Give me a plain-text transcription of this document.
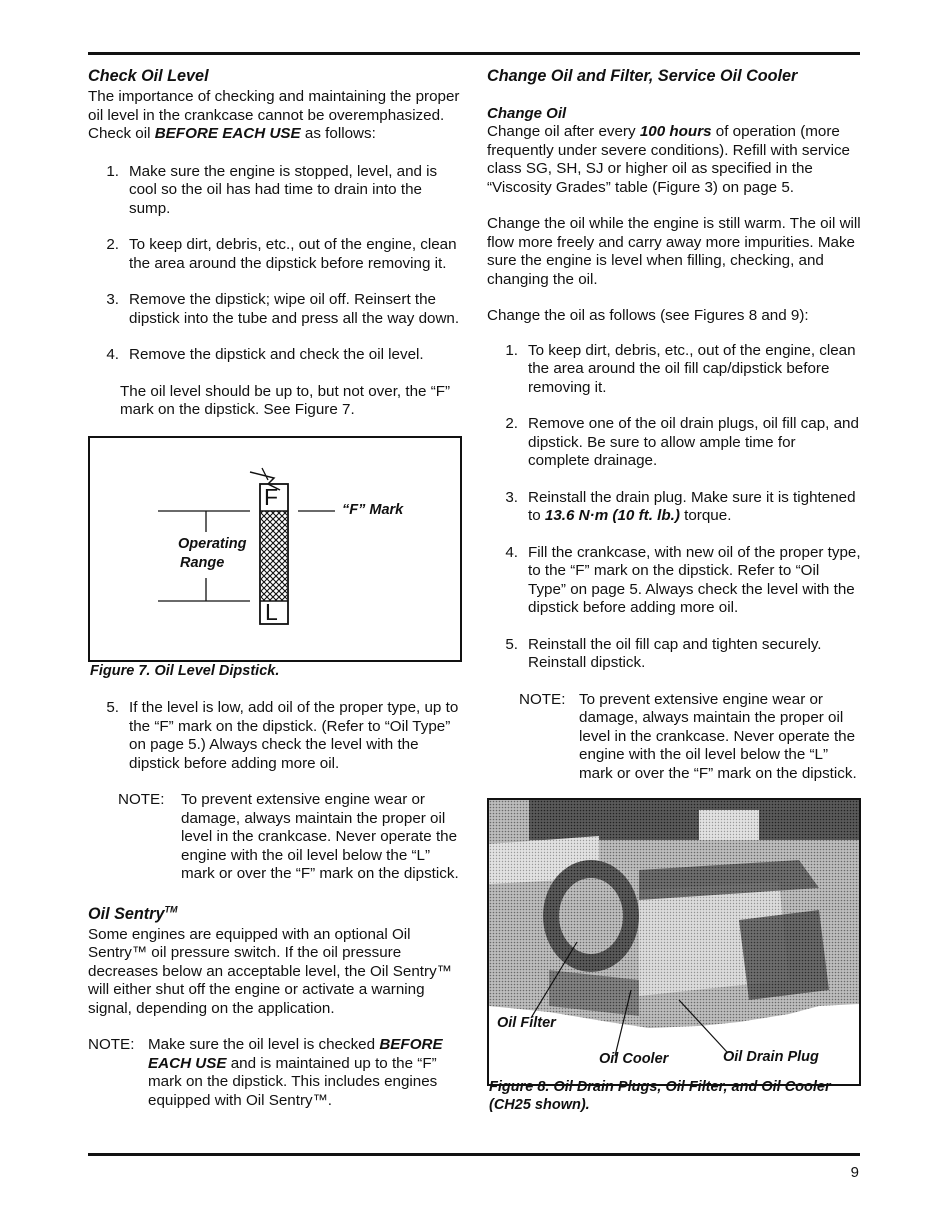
Check Oil Level

The importance of checking and maintaining the proper oil level in the crankcase cannot be overemphasized. Check oil BEFORE EACH USE as follows:

1. Make sure the engine is stopped, level, and is cool so the oil has had time to drain into the sump.
2. To keep dirt, debris, etc., out of the engine, clean the area around the dipstick before removing it.
3. Remove the dipstick; wipe oil off. Reinsert the dipstick into the tube and press all the way down.
4. Remove the dipstick and check the oil level.

The oil level should be up to, but not over, the “F” mark on the dipstick. See Figure 7.

F
L
“F” Mark
Operating
Range

Figure 7. Oil Level Dipstick.

5. If the level is low, add oil of the proper type, up to the “F” mark on the dipstick. (Refer to “Oil Type” on page 5.) Always check the level with the dipstick before adding more oil.
NOTE:	To prevent extensive engine wear or damage, always maintain the proper oil level in the crankcase. Never operate the engine with the oil level below the “L” mark or over the “F” mark on the dipstick.
Oil Sentry™

Some engines are equipped with an optional Oil Sentry™ oil pressure switch. If the oil pressure decreases below an acceptable level, the Oil Sentry™ will either shut off the engine or activate a warning signal, depending on the application.

NOTE: Make sure the oil level is checked BEFORE EACH USE and is maintained up to the “F” mark on the dipstick. This includes engines equipped with Oil Sentry™.
Change Oil and Filter, Service Oil Cooler
Change Oil

Change oil after every 100 hours of operation (more frequently under severe conditions). Refill with service class SG, SH, SJ or higher oil as specified in the “Viscosity Grades” table (Figure 3) on page 5.

Change the oil while the engine is still warm. The oil will flow more freely and carry away more impurities. Make sure the engine is level when filling, checking, and changing the oil.

Change the oil as follows (see Figures 8 and 9):

1. To keep dirt, debris, etc., out of the engine, clean the area around the oil fill cap/dipstick before removing it.
2. Remove one of the oil drain plugs, oil fill cap, and dipstick. Be sure to allow ample time for complete drainage.
3. Reinstall the drain plug. Make sure it is tightened to 13.6 N·m (10 ft. lb.) torque.
4. Fill the crankcase, with new oil of the proper type, to the “F” mark on the dipstick. Refer to “Oil Type” on page 5. Always check the level with the dipstick before adding more oil.
5. Reinstall the oil fill cap and tighten securely. Reinstall dipstick.
NOTE: To prevent extensive engine wear or damage, always maintain the proper oil level in the crankcase. Never operate the engine with the oil level below the “L” mark or over the “F” mark on the dipstick.
Oil Filter
Oil Cooler	Oil Drain Plug

Figure 8. Oil Drain Plugs, Oil Filter, and Oil Cooler (CH25 shown).

9
